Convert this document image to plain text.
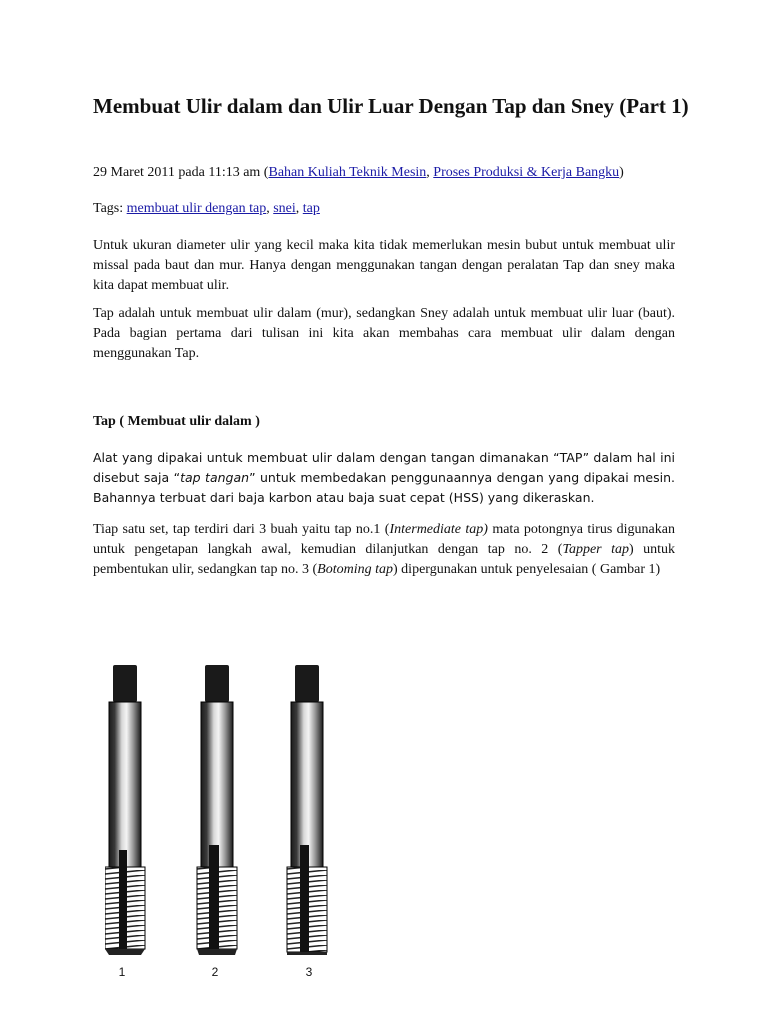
Membuat Ulir dalam dan Ulir Luar Dengan Tap dan Sney (Part 1)
29 Maret 2011 pada 11:13 am (Bahan Kuliah Teknik Mesin, Proses Produksi & Kerja Bangku)
Tags: membuat ulir dengan tap, snei, tap

Untuk ukuran diameter ulir yang kecil maka kita tidak memerlukan mesin bubut untuk membuat ulir missal pada baut dan mur. Hanya dengan menggunakan tangan dengan peralatan Tap dan sney maka kita dapat membuat ulir.

Tap adalah untuk membuat ulir dalam (mur), sedangkan Sney adalah untuk membuat ulir luar (baut). Pada bagian pertama dari tulisan ini kita akan membahas cara membuat ulir dalam dengan menggunakan Tap.

Tap ( Membuat ulir dalam )

Alat yang dipakai untuk membuat ulir dalam dengan tangan dimanakan “TAP” dalam hal ini disebut saja “tap tangan” untuk membedakan penggunaannya dengan yang dipakai mesin. Bahannya terbuat dari baja karbon atau baja suat cepat (HSS) yang dikeraskan.

Tiap satu set, tap terdiri dari 3 buah yaitu tap no.1 (Intermediate tap) mata potongnya tirus digunakan untuk pengetapan langkah awal, kemudian dilanjutkan dengan tap no. 2 (Tapper tap) untuk pembentukan ulir, sedangkan tap no. 3 (Botoming tap) dipergunakan untuk penyelesaian ( Gambar 1)

1	2	3
